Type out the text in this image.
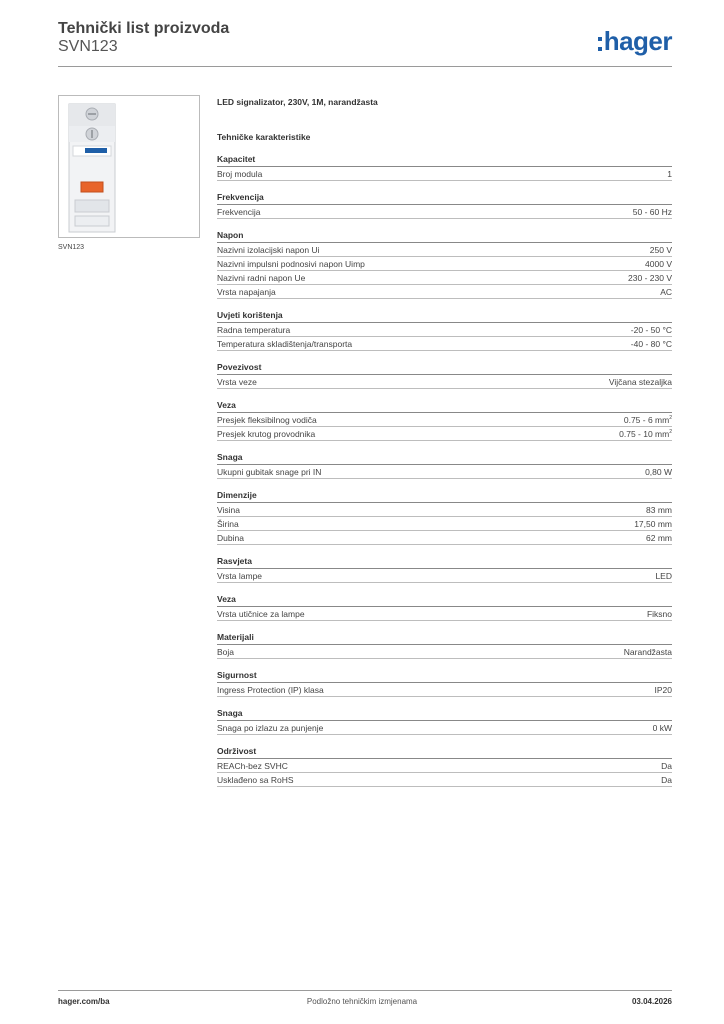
Tehnički list proizvoda
SVN123	hager
SVN123
LED signalizator, 230V, 1M, narandžasta
Tehničke karakteristike
Kapacitet
Broj modula	1
Frekvencija
Frekvencija	50 - 60 Hz
Napon
Nazivni izolacijski napon Ui	250 V
Nazivni impulsni podnosivi napon Uimp	4000 V
Nazivni radni napon Ue	230 - 230 V
Vrsta napajanja	AC
Uvjeti korištenja
Radna temperatura	-20 - 50 °C
Temperatura skladištenja/transporta	-40 - 80 °C
Povezivost
Vrsta veze	Vijčana stezaljka
Veza
Presjek fleksibilnog vodiča	0.75 - 6 $mm^2$
Presjek krutog provodnika	0.75 - 10 $mm^2$
Snaga
Ukupni gubitak snage pri IN	0,80 W
Dimenzije
Visina	83 mm
Širina	17,50 mm
Dubina	62 mm
Rasvjeta
Vrsta lampe	LED
Veza
Vrsta utičnice za lampe	Fiksno
Materijali
Boja	Narandžasta
Sigurnost
Ingress Protection (IP) klasa	IP20
Snaga
Snaga po izlazu za punjenje	0 kW
Održivost
REACh-bez SVHC	Da
Usklađeno sa RoHS	Da
hager.com/ba	Podložno tehničkim izmjenama	03.04.2026
